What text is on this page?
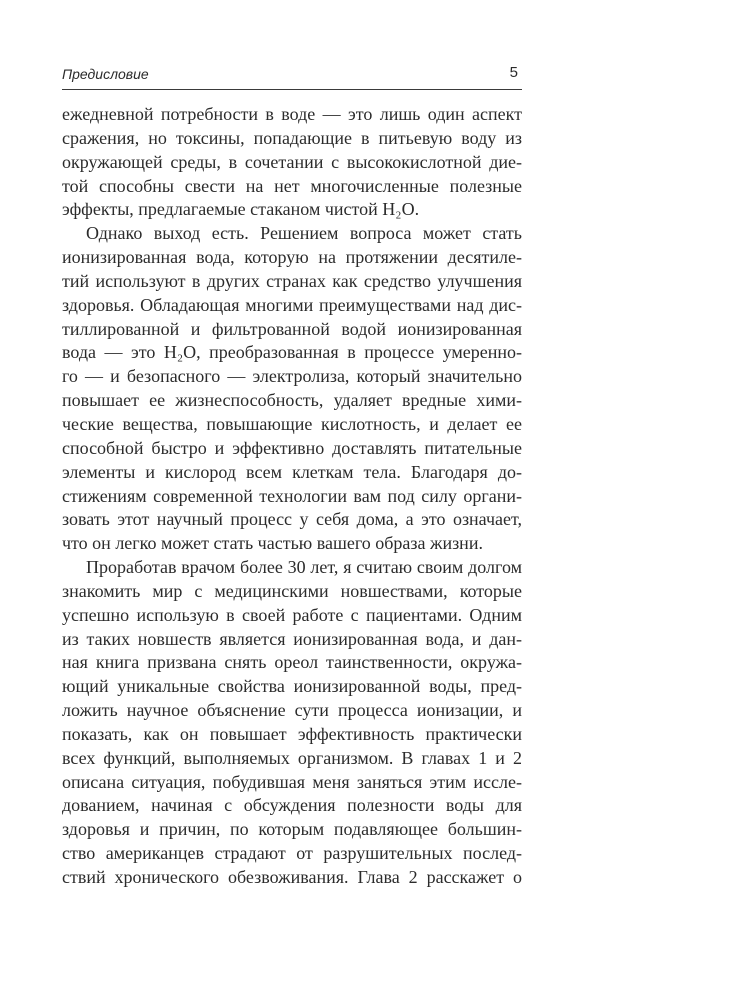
Предисловие	5
ежедневной потребности в воде — это лишь один аспект
сражения, но токсины, попадающие в питьевую воду из
окружающей среды, в сочетании с высококислотной дие-
той способны свести на нет многочисленные полезные
эффекты, предлагаемые стаканом чистой H₂O.
Однако выход есть. Решением вопроса может стать
ионизированная вода, которую на протяжении десятиле-
тий используют в других странах как средство улучшения
здоровья. Обладающая многими преимуществами над дис-
тиллированной и фильтрованной водой ионизированная
вода — это H₂O, преобразованная в процессе умеренно-
го — и безопасного — электролиза, который значительно
повышает ее жизнеспособность, удаляет вредные хими-
ческие вещества, повышающие кислотность, и делает ее
способной быстро и эффективно доставлять питательные
элементы и кислород всем клеткам тела. Благодаря до-
стижениям современной технологии вам под силу органи-
зовать этот научный процесс у себя дома, а это означает,
что он легко может стать частью вашего образа жизни.
Проработав врачом более 30 лет, я считаю своим долгом
знакомить мир с медицинскими новшествами, которые
успешно использую в своей работе с пациентами. Одним
из таких новшеств является ионизированная вода, и дан-
ная книга призвана снять ореол таинственности, окружа-
ющий уникальные свойства ионизированной воды, пред-
ложить научное объяснение сути процесса ионизации, и
показать, как он повышает эффективность практически
всех функций, выполняемых организмом. В главах 1 и 2
описана ситуация, побудившая меня заняться этим иссле-
дованием, начиная с обсуждения полезности воды для
здоровья и причин, по которым подавляющее большин-
ство американцев страдают от разрушительных послед-
ствий хронического обезвоживания. Глава 2 расскажет о
